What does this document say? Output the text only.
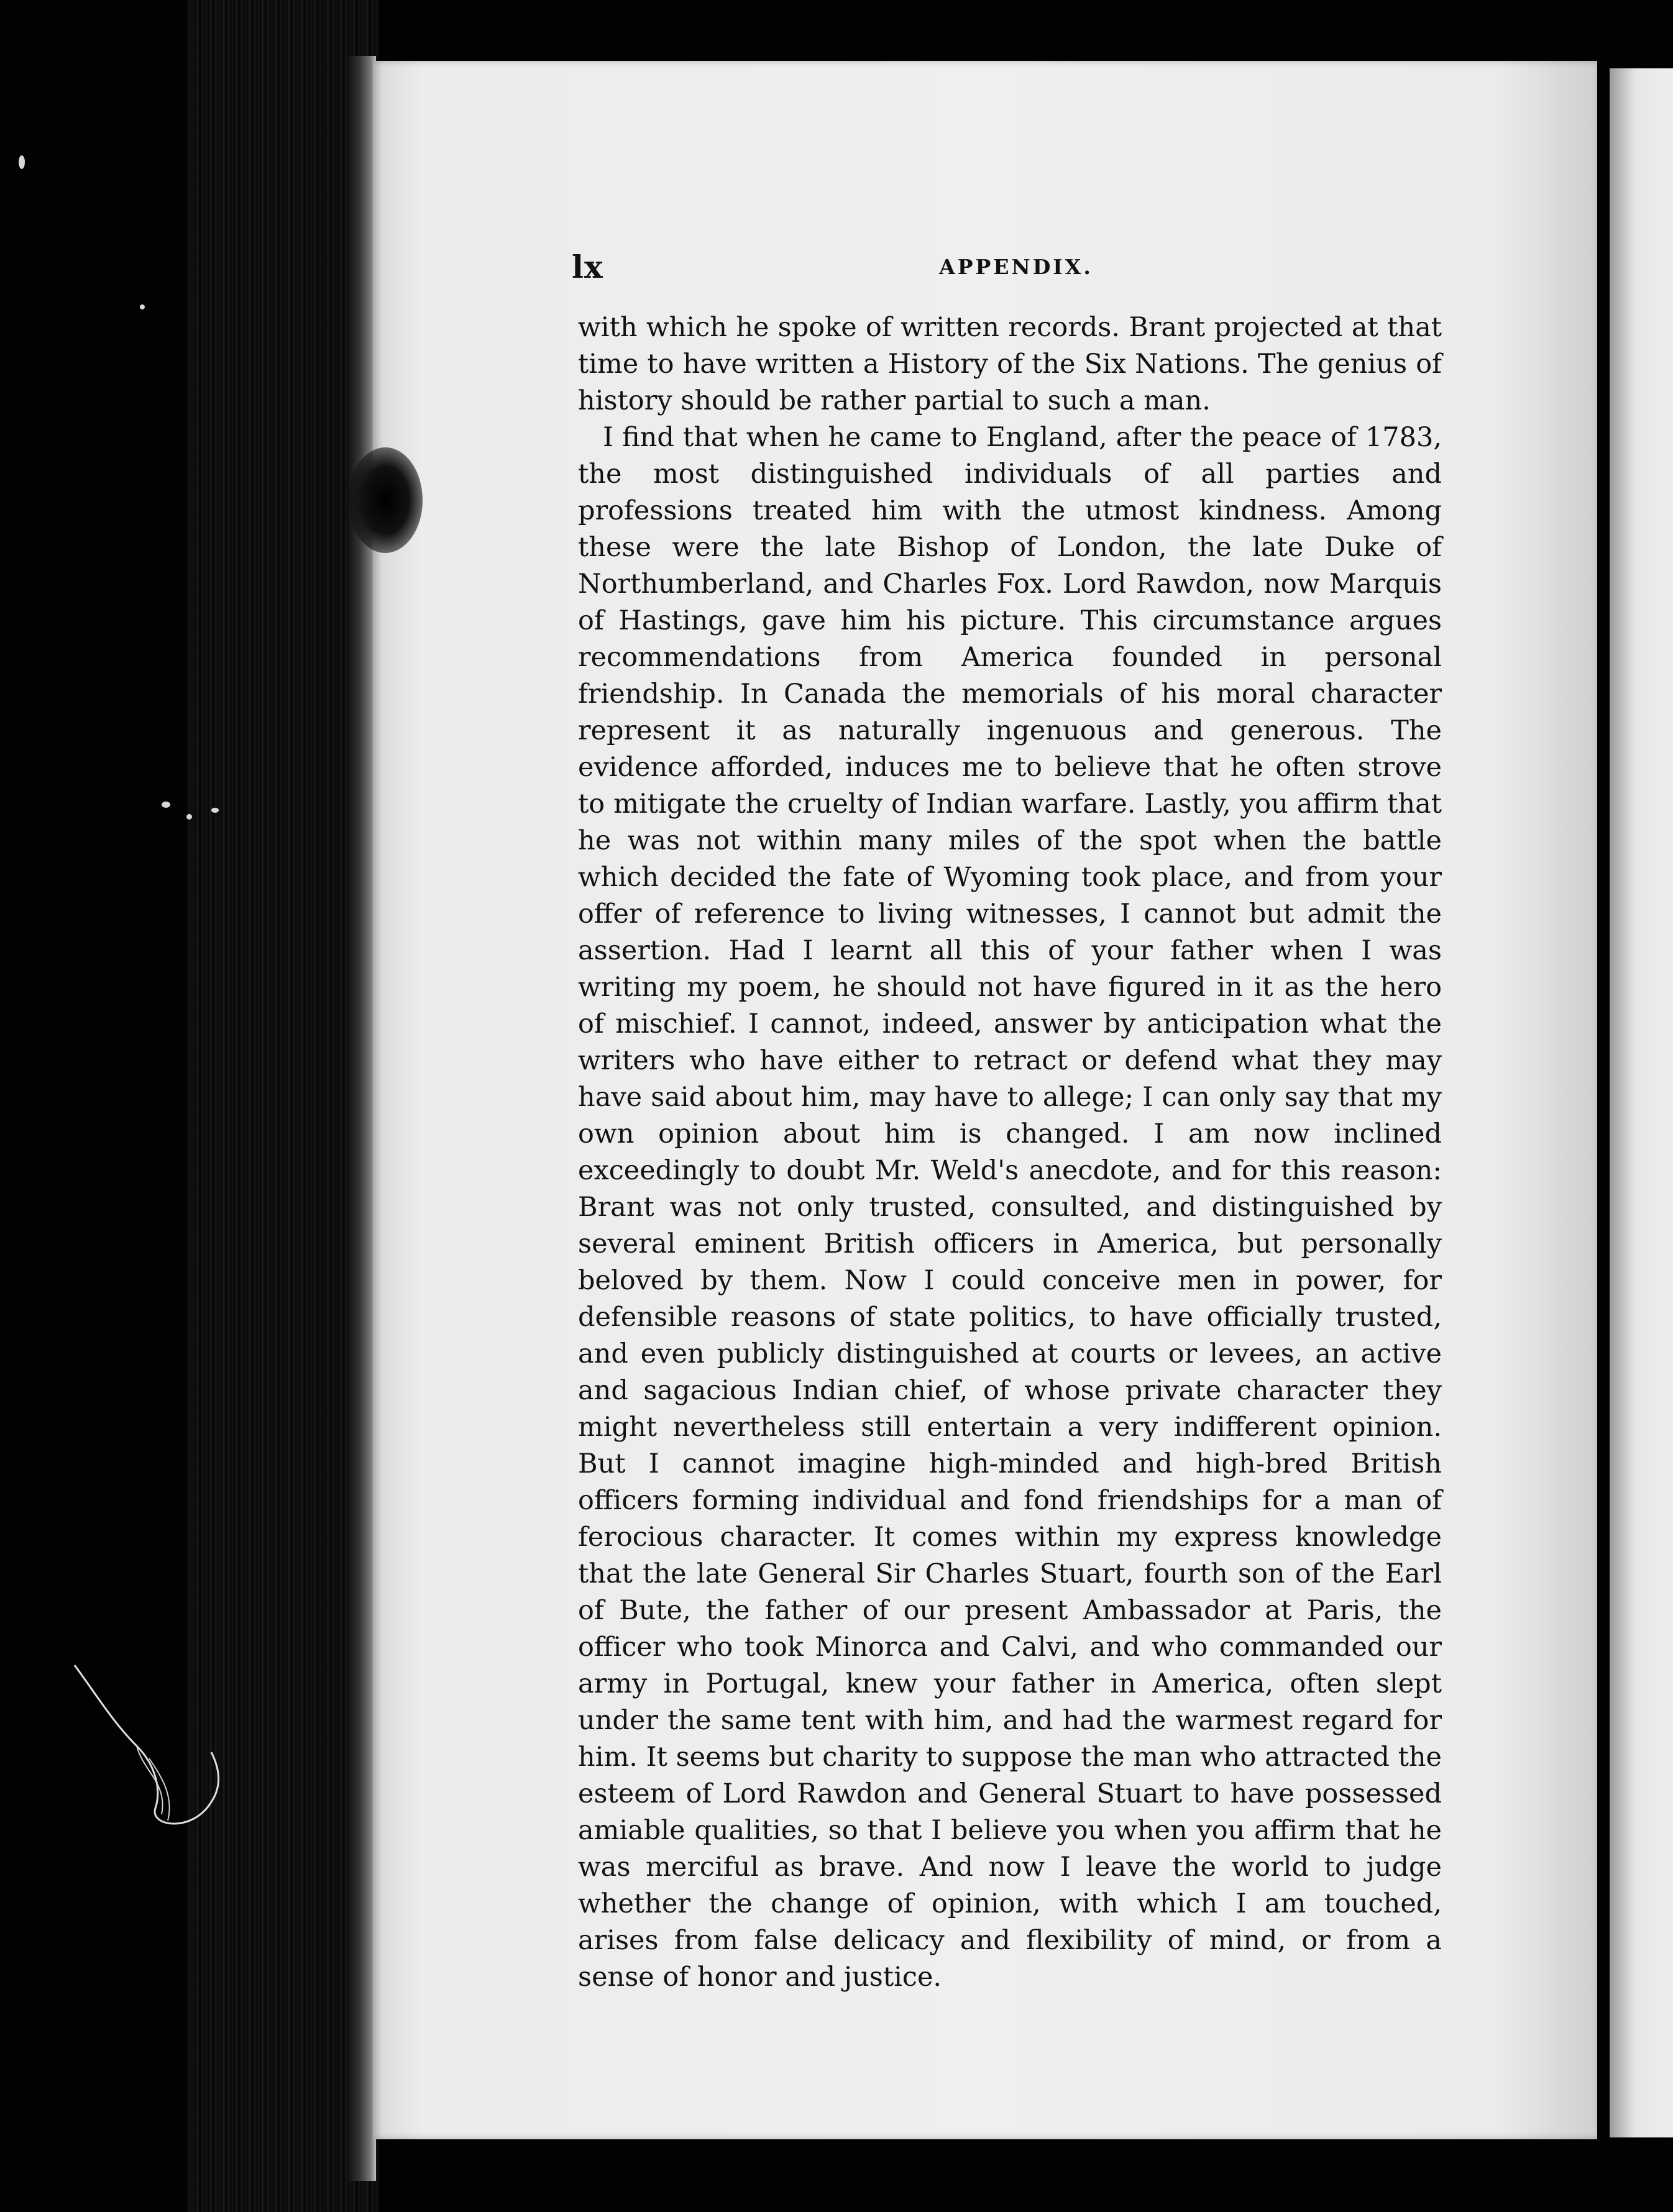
lx	APPENDIX.

with which he spoke of written records. Brant projected at that time to have written a History of the Six Nations. The genius of history should be rather partial to such a man.

I find that when he came to England, after the peace of 1783, the most distinguished individuals of all parties and professions treated him with the utmost kindness. Among these were the late Bishop of London, the late Duke of Northumberland, and Charles Fox. Lord Rawdon, now Marquis of Hastings, gave him his picture. This circumstance argues recommendations from America founded in personal friendship. In Canada the memorials of his moral character represent it as naturally ingenuous and generous. The evidence afforded, induces me to believe that he often strove to mitigate the cruelty of Indian warfare. Lastly, you affirm that he was not within many miles of the spot when the battle which decided the fate of Wyoming took place, and from your offer of reference to living witnesses, I cannot but admit the assertion. Had I learnt all this of your father when I was writing my poem, he should not have figured in it as the hero of mischief. I cannot, indeed, answer by anticipation what the writers who have either to retract or defend what they may have said about him, may have to allege; I can only say that my own opinion about him is changed. I am now inclined exceedingly to doubt Mr. Weld's anecdote, and for this reason: Brant was not only trusted, consulted, and distinguished by several eminent British officers in America, but personally beloved by them. Now I could conceive men in power, for defensible reasons of state politics, to have officially trusted, and even publicly distinguished at courts or levees, an active and sagacious Indian chief, of whose private character they might nevertheless still entertain a very indifferent opinion. But I cannot imagine high-minded and high-bred British officers forming individual and fond friendships for a man of ferocious character. It comes within my express knowledge that the late General Sir Charles Stuart, fourth son of the Earl of Bute, the father of our present Ambassador at Paris, the officer who took Minorca and Calvi, and who commanded our army in Portugal, knew your father in America, often slept under the same tent with him, and had the warmest regard for him. It seems but charity to suppose the man who attracted the esteem of Lord Rawdon and General Stuart to have possessed amiable qualities, so that I believe you when you affirm that he was merciful as brave. And now I leave the world to judge whether the change of opinion, with which I am touched, arises from false delicacy and flexibility of mind, or from a sense of honor and justice.
